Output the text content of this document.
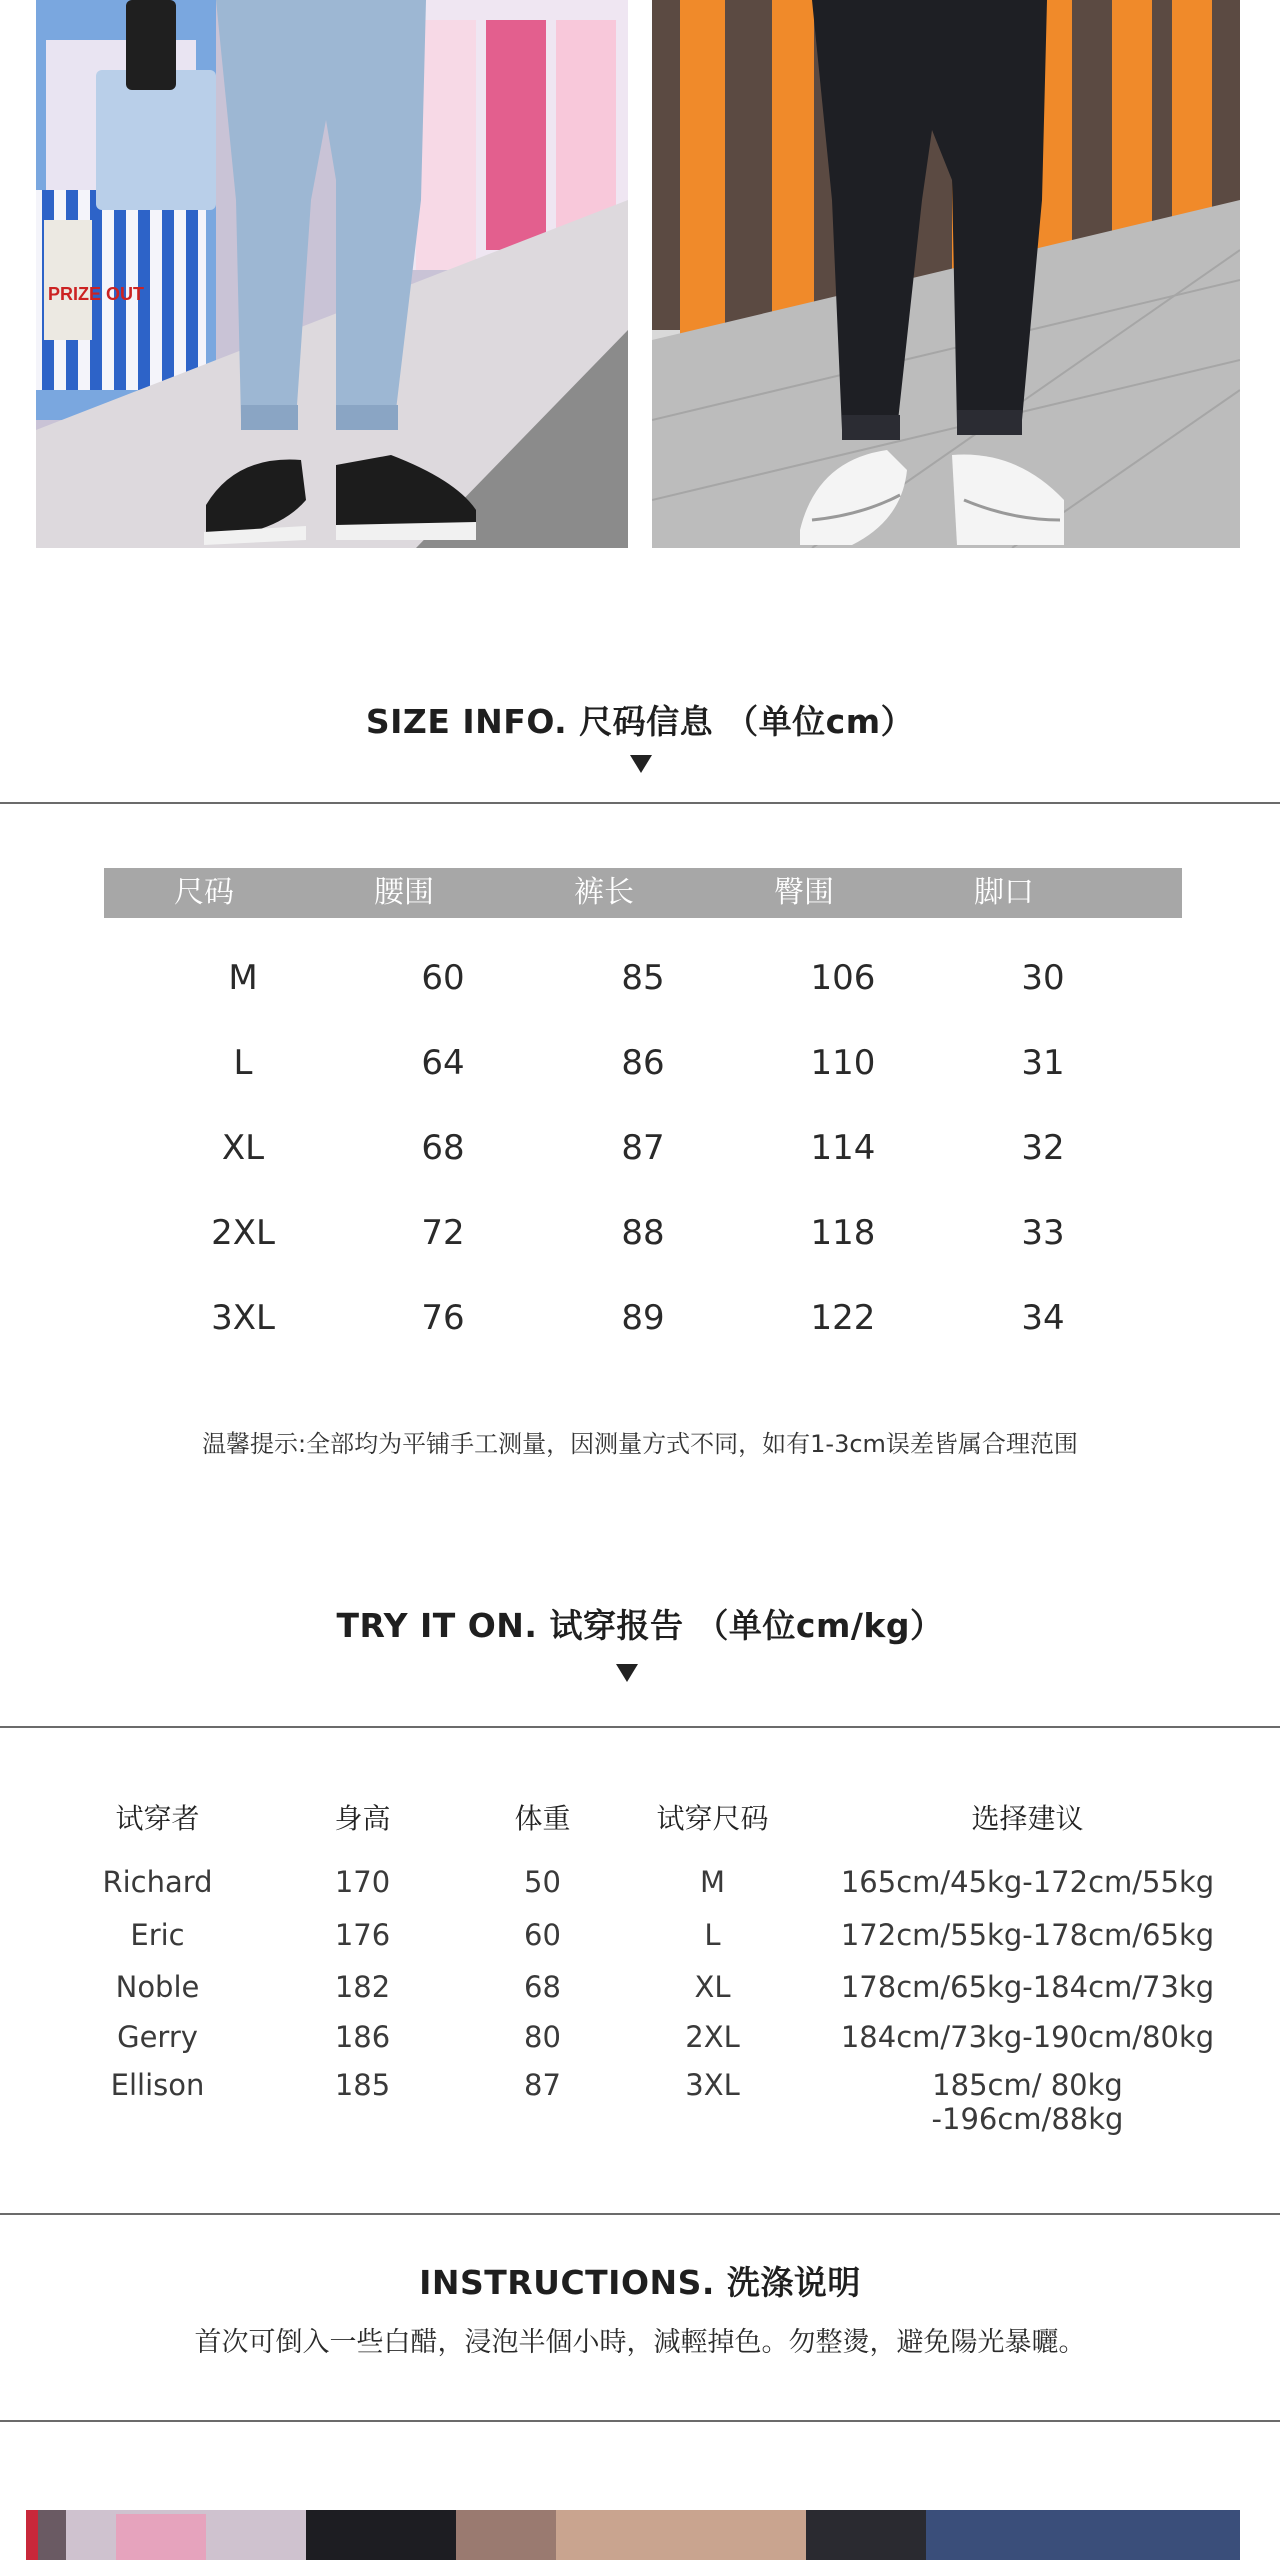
PRIZE OUT
SIZE INFO. 尺码信息 （单位cm）
尺码	腰围	裤长	臀围	脚口
M	60	85	106	30
L	64	86	110	31
XL	68	87	114	32
2XL	72	88	118	33
3XL	76	89	122	34
温馨提示:全部均为平铺手工测量，因测量方式不同，如有1-3cm误差皆属合理范围
TRY IT ON. 试穿报告 （单位cm/kg）
试穿者	身高	体重	试穿尺码	选择建议
Richard	170	50	M	165cm/45kg-172cm/55kg
Eric	176	60	L	172cm/55kg-178cm/65kg
Noble	182	68	XL	178cm/65kg-184cm/73kg
Gerry	186	80	2XL	184cm/73kg-190cm/80kg
Ellison	185	87	3XL	185cm/ 80kg -196cm/88kg
INSTRUCTIONS. 洗涤说明
首次可倒入一些白醋，浸泡半個小時，減輕掉色。勿整燙，避免陽光暴曬。
